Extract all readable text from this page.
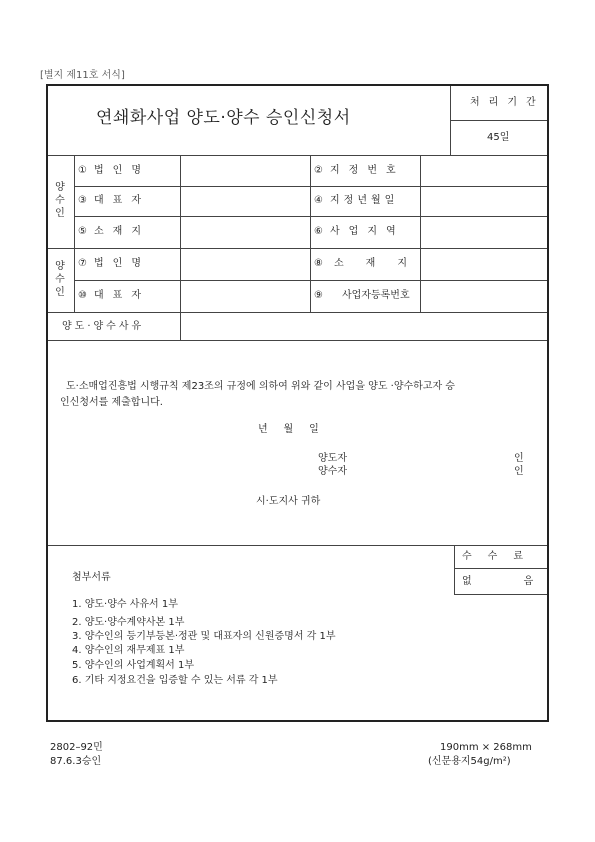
[별지 제11호 서식]
연쇄화사업 양도·양수 승인신청서
처리기간
45일
양
수
인
① 법인명	② 지정번호
③ 대표자	④ 지정년월일
⑤ 소재지	⑥ 사업지역
양
수
인
⑦ 법인명	⑧ 소재지
⑩ 대표자	⑨ 사업자등록번호
양도·양수사유
도·소매업진흥법 시행규칙 제23조의 규정에 의하여 위와 같이 사업을 양도 ·양수하고자 승
인신청서를 제출합니다.
년     월     일
양도자	인
양수자	인
시·도지사 귀하
수수료
없음
첨부서류
1. 양도·양수 사유서 1부
2. 양도·양수계약사본 1부
3. 양수인의 등기부등본·정관 및 대표자의 신원증명서 각 1부
4. 양수인의 재무제표 1부
5. 양수인의 사업계획서 1부
6. 기타 지정요건을 입증할 수 있는 서류 각 1부
2802–92민
87.6.3승인
190mm × 268mm
(신문용지54g/m²)
